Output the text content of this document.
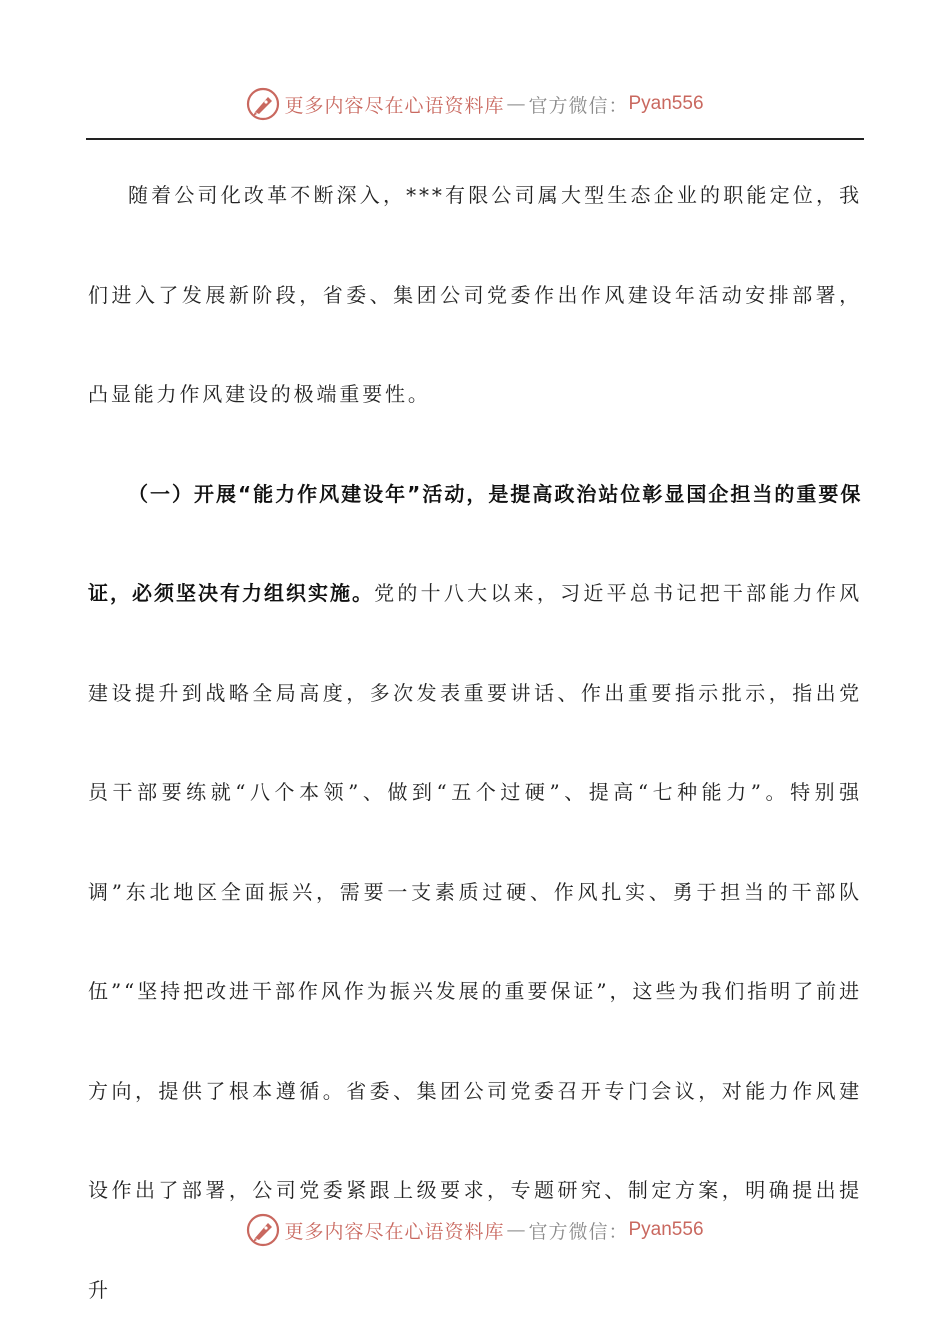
更多内容尽在心语资料库 — 官方微信： Pyan556

随着公司化改革不断深入，***有限公司属大型生态企业的职能定位，我们进入了发展新阶段，省委、集团公司党委作出作风建设年活动安排部署，凸显能力作风建设的极端重要性。

（一）开展“能力作风建设年”活动，是提高政治站位彰显国企担当的重要保证，必须坚决有力组织实施。党的十八大以来，习近平总书记把干部能力作风建设提升到战略全局高度，多次发表重要讲话、作出重要指示批示，指出党员干部要练就“八个本领”、做到“五个过硬”、提高“七种能力”。特别强调”东北地区全面振兴，需要一支素质过硬、作风扎实、勇于担当的干部队伍”“坚持把改进干部作风作为振兴发展的重要保证”，这些为我们指明了前进方向，提供了根本遵循。省委、集团公司党委召开专门会议，对能力作风建设作出了部署，公司党委紧跟上级要求，专题研究、制定方案，明确提出提升

更多内容尽在心语资料库 — 官方微信： Pyan556
